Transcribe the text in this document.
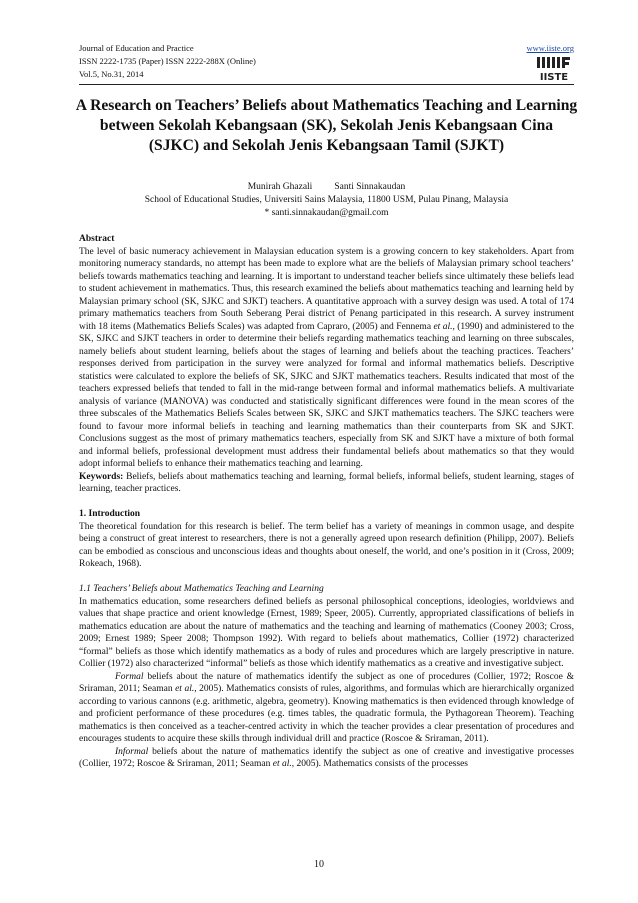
Journal of Education and Practice
ISSN 2222-1735 (Paper) ISSN 2222-288X (Online)
Vol.5, No.31, 2014
www.iiste.org
IISTE
A Research on Teachers’ Beliefs about Mathematics Teaching and Learning between Sekolah Kebangsaan (SK), Sekolah Jenis Kebangsaan Cina (SJKC) and Sekolah Jenis Kebangsaan Tamil (SJKT)
Munirah Ghazali Santi Sinnakaudan
School of Educational Studies, Universiti Sains Malaysia, 11800 USM, Pulau Pinang, Malaysia
* santi.sinnakaudan@gmail.com

Abstract

The level of basic numeracy achievement in Malaysian education system is a growing concern to key stakeholders. Apart from monitoring numeracy standards, no attempt has been made to explore what are the beliefs of Malaysian primary school teachers’ beliefs towards mathematics teaching and learning. It is important to understand teacher beliefs since ultimately these beliefs lead to student achievement in mathematics. Thus, this research examined the beliefs about mathematics teaching and learning held by Malaysian primary school (SK, SJKC and SJKT) teachers. A quantitative approach with a survey design was used. A total of 174 primary mathematics teachers from South Seberang Perai district of Penang participated in this research. A survey instrument with 18 items (Mathematics Beliefs Scales) was adapted from Capraro, (2005) and Fennema et al., (1990) and administered to the SK, SJKC and SJKT teachers in order to determine their beliefs regarding mathematics teaching and learning on three subscales, namely beliefs about student learning, beliefs about the stages of learning and beliefs about the teaching practices. Teachers’ responses derived from participation in the survey were analyzed for formal and informal mathematics beliefs. Descriptive statistics were calculated to explore the beliefs of SK, SJKC and SJKT mathematics teachers. Results indicated that most of the teachers expressed beliefs that tended to fall in the mid-range between formal and informal mathematics beliefs. A multivariate analysis of variance (MANOVA) was conducted and statistically significant differences were found in the mean scores of the three subscales of the Mathematics Beliefs Scales between SK, SJKC and SJKT mathematics teachers. The SJKC teachers were found to favour more informal beliefs in teaching and learning mathematics than their counterparts from SK and SJKT. Conclusions suggest as the most of primary mathematics teachers, especially from SK and SJKT have a mixture of both formal and informal beliefs, professional development must address their fundamental beliefs about mathematics so that they would adopt informal beliefs to enhance their mathematics teaching and learning.

Keywords: Beliefs, beliefs about mathematics teaching and learning, formal beliefs, informal beliefs, student learning, stages of learning, teacher practices.

1. Introduction

The theoretical foundation for this research is belief. The term belief has a variety of meanings in common usage, and despite being a construct of great interest to researchers, there is not a generally agreed upon research definition (Philipp, 2007). Beliefs can be embodied as conscious and unconscious ideas and thoughts about oneself, the world, and one’s position in it (Cross, 2009; Rokeach, 1968).

1.1 Teachers’ Beliefs about Mathematics Teaching and Learning

In mathematics education, some researchers defined beliefs as personal philosophical conceptions, ideologies, worldviews and values that shape practice and orient knowledge (Ernest, 1989; Speer, 2005). Currently, appropriated classifications of beliefs in mathematics education are about the nature of mathematics and the teaching and learning of mathematics (Cooney 2003; Cross, 2009; Ernest 1989; Speer 2008; Thompson 1992). With regard to beliefs about mathematics, Collier (1972) characterized “formal” beliefs as those which identify mathematics as a body of rules and procedures which are largely prescriptive in nature. Collier (1972) also characterized “informal” beliefs as those which identify mathematics as a creative and investigative subject.

Formal beliefs about the nature of mathematics identify the subject as one of procedures (Collier, 1972; Roscoe & Sriraman, 2011; Seaman et al., 2005). Mathematics consists of rules, algorithms, and formulas which are hierarchically organized according to various cannons (e.g. arithmetic, algebra, geometry). Knowing mathematics is then evidenced through knowledge of and proficient performance of these procedures (e.g. times tables, the quadratic formula, the Pythagorean Theorem). Teaching mathematics is then conceived as a teacher-centred activity in which the teacher provides a clear presentation of procedures and encourages students to acquire these skills through individual drill and practice (Roscoe & Sriraman, 2011).

Informal beliefs about the nature of mathematics identify the subject as one of creative and investigative processes (Collier, 1972; Roscoe & Sriraman, 2011; Seaman et al., 2005). Mathematics consists of the processes

10
